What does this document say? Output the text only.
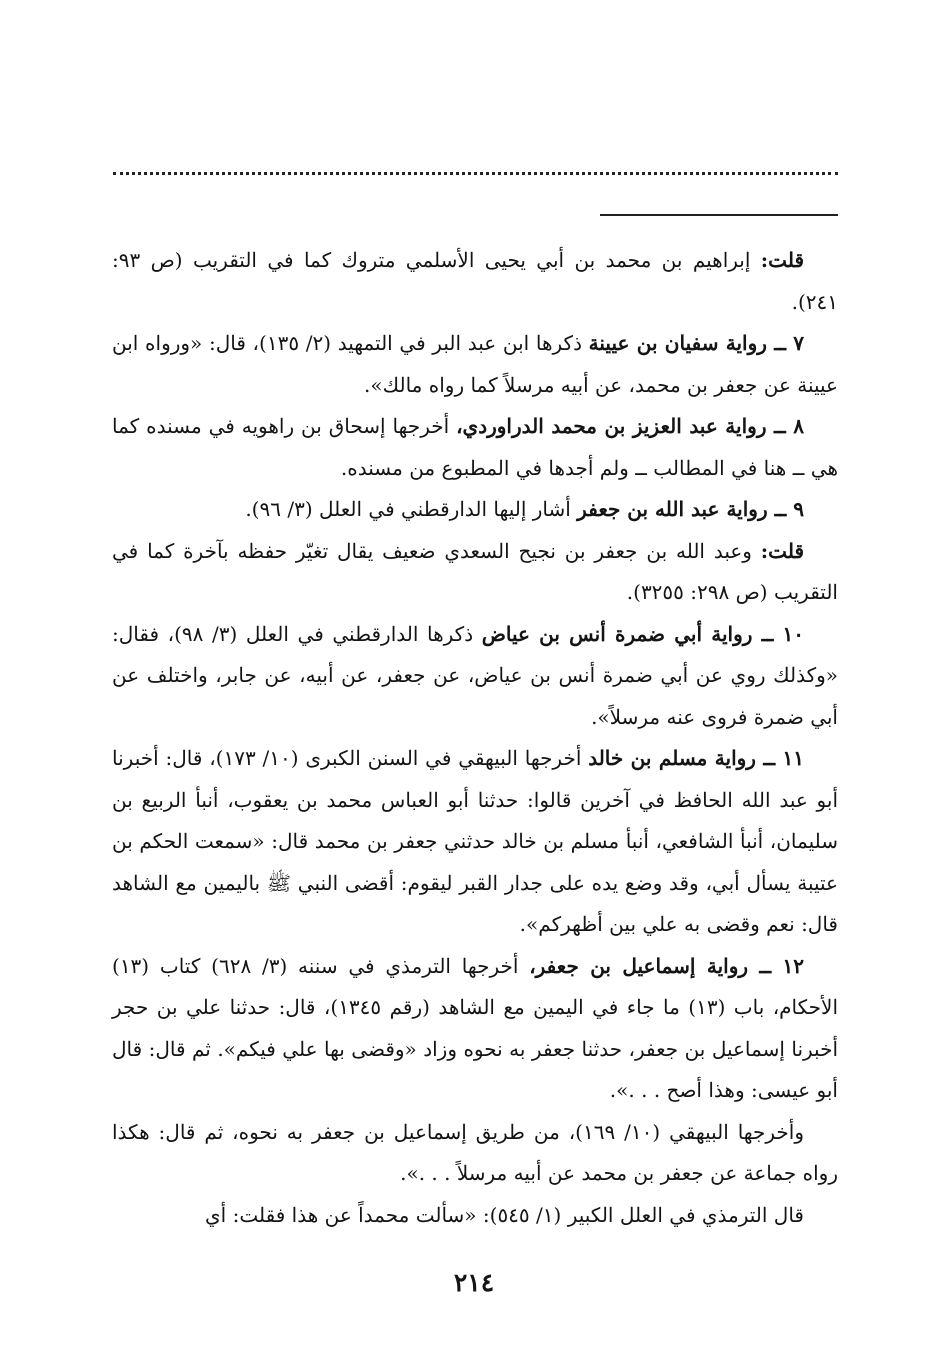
قلت: إبراهيم بن محمد بن أبي يحيى الأسلمي متروك كما في التقريب (ص ٩٣: ٢٤١).

٧ ــ رواية سفيان بن عيينة ذكرها ابن عبد البر في التمهيد (٢/ ١٣٥)، قال: «ورواه ابن عيينة عن جعفر بن محمد، عن أبيه مرسلاً كما رواه مالك».

٨ ــ رواية عبد العزيز بن محمد الدراوردي، أخرجها إسحاق بن راهويه في مسنده كما هي ــ هنا في المطالب ــ ولم أجدها في المطبوع من مسنده.

٩ ــ رواية عبد الله بن جعفر أشار إليها الدارقطني في العلل (٣/ ٩٦).

قلت: وعبد الله بن جعفر بن نجيح السعدي ضعيف يقال تغيّر حفظه بآخرة كما في التقريب (ص ٢٩٨: ٣٢٥٥).

١٠ ــ رواية أبي ضمرة أنس بن عياض ذكرها الدارقطني في العلل (٣/ ٩٨)، فقال: «وكذلك روي عن أبي ضمرة أنس بن عياض، عن جعفر، عن أبيه، عن جابر، واختلف عن أبي ضمرة فروى عنه مرسلاً».

١١ ــ رواية مسلم بن خالد أخرجها البيهقي في السنن الكبرى (١٠/ ١٧٣)، قال: أخبرنا أبو عبد الله الحافظ في آخرين قالوا: حدثنا أبو العباس محمد بن يعقوب، أنبأ الربيع بن سليمان، أنبأ الشافعي، أنبأ مسلم بن خالد حدثني جعفر بن محمد قال: «سمعت الحكم بن عتيبة يسأل أبي، وقد وضع يده على جدار القبر ليقوم: أقضى النبي ﷺ باليمين مع الشاهد قال: نعم وقضى به علي بين أظهركم».

١٢ ــ رواية إسماعيل بن جعفر، أخرجها الترمذي في سننه (٣/ ٦٢٨) كتاب (١٣) الأحكام، باب (١٣) ما جاء في اليمين مع الشاهد (رقم ١٣٤٥)، قال: حدثنا علي بن حجر أخبرنا إسماعيل بن جعفر، حدثنا جعفر به نحوه وزاد «وقضى بها علي فيكم». ثم قال: قال أبو عيسى: وهذا أصح . . .».

وأخرجها البيهقي (١٠/ ١٦٩)، من طريق إسماعيل بن جعفر به نحوه، ثم قال: هكذا رواه جماعة عن جعفر بن محمد عن أبيه مرسلاً . . .».

قال الترمذي في العلل الكبير (١/ ٥٤٥): «سألت محمداً عن هذا فقلت: أي

٢١٤
